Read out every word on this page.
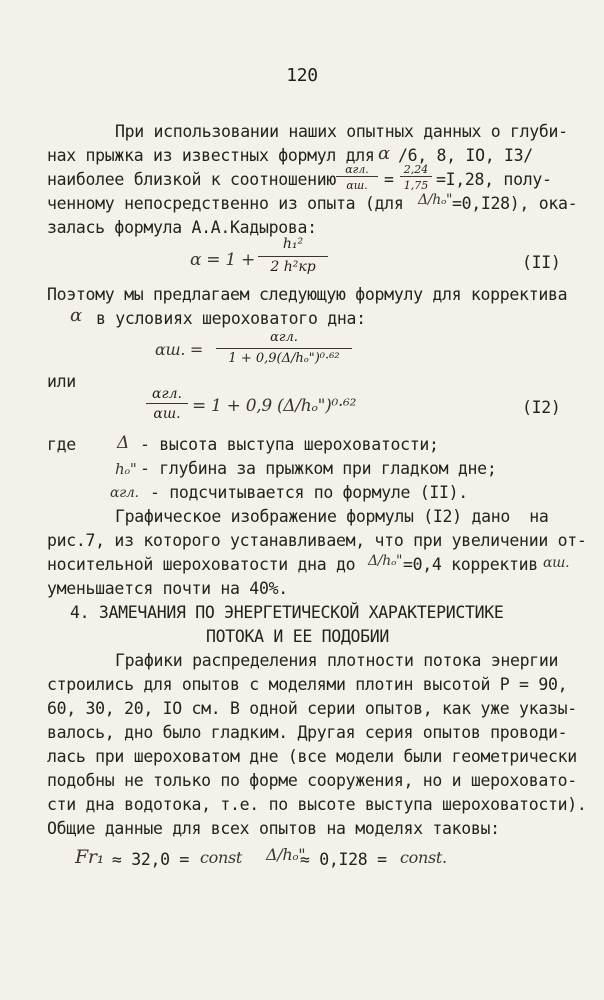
120
При использовании наших опытных данных о глуби-
нах прыжка из известных формул для α /6, 8, IO, I3/
наиболее близкой к соотношению
αгл.
αш. =
2,24
1,75 =I,28, полу-
ченному непосредственно из опыта (для Δ/hₒ" =0,I28), ока-
залась формула А.А.Кадырова:
α = 1 +
h₁²
2 h²кр	(II)
Поэтому мы предлагаем следующую формулу для корректива
α в условиях шероховатого дна:
αш. =
αгл.
1 + 0,9(Δ/hₒ")⁰·⁶²
или
αгл.
αш. = 1 + 0,9 (Δ/hₒ")⁰·⁶²	(I2)
где Δ - высота выступа шероховатости;
hₒ" - глубина за прыжком при гладком дне;
αгл. - подсчитывается по формуле (II).
Графическое изображение формулы (I2) дано  на
рис.7, из которого устанавливаем, что при увеличении от-
носительной шероховатости дна до Δ/hₒ" =0,4 корректив αш.
уменьшается почти на 40%.
4. ЗАМЕЧАНИЯ ПО ЭНЕРГЕТИЧЕСКОЙ ХАРАКТЕРИСТИКЕ
ПОТОКА И ЕЕ ПОДОБИИ
Графики распределения плотности потока энергии
строились для опытов с моделями плотин высотой P = 90,
60, 30, 20, IO см. В одной серии опытов, как уже указы-
валось, дно было гладким. Другая серия опытов проводи-
лась при шероховатом дне (все модели были геометрически
подобны не только по форме сооружения, но и шероховато-
сти дна водотока, т.е. по высоте выступа шероховатости).
Общие данные для всех опытов на моделях таковы:
Fr₁ ≈ 32,0 = const Δ/hₒ"
≈ 0,I28 = const.
